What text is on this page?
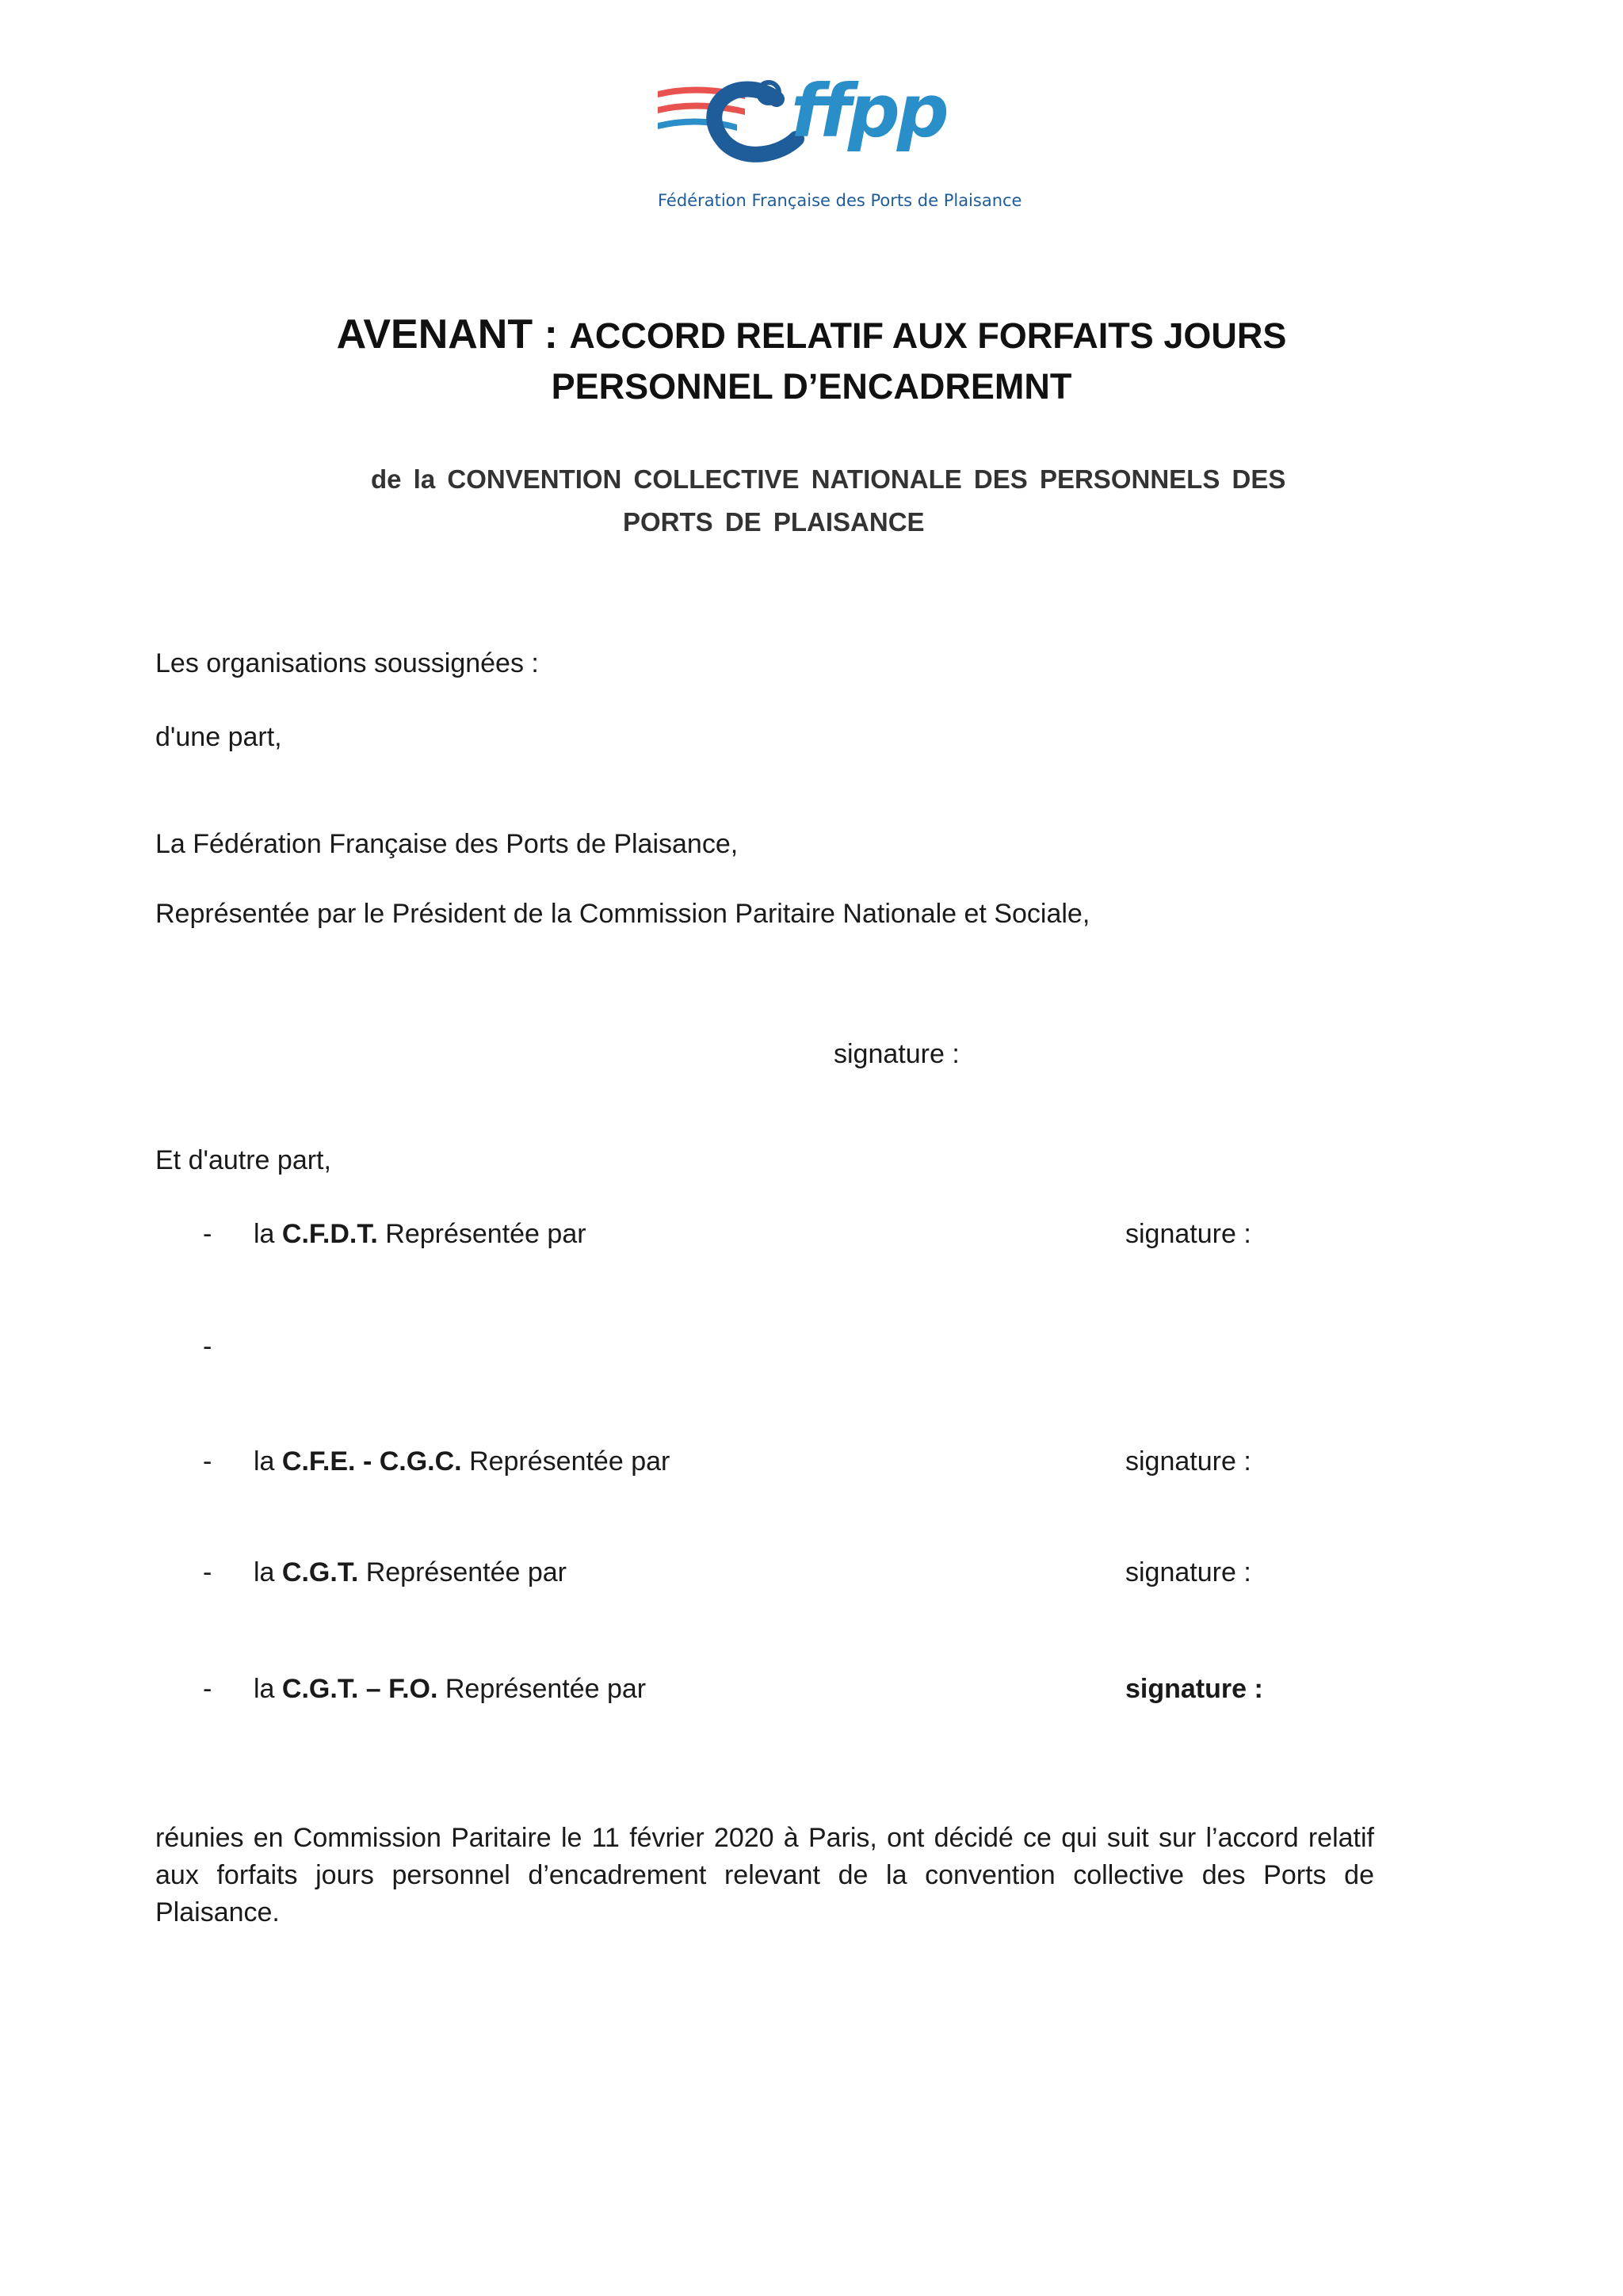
ffpp
Fédération Française des Ports de Plaisance
AVENANT : ACCORD RELATIF AUX FORFAITS JOURS
PERSONNEL D’ENCADREMNT
de la CONVENTION COLLECTIVE NATIONALE DES PERSONNELS DES
PORTS DE PLAISANCE
Les organisations soussignées :
d'une part,
La Fédération Française des Ports de Plaisance,
Représentée par le Président de la Commission Paritaire Nationale et Sociale,
signature :
Et d'autre part,
- la C.F.D.T. Représentée par	signature :
-
- la C.F.E. - C.G.C. Représentée par	signature :
- la C.G.T. Représentée par	signature :
- la C.G.T. – F.O. Représentée par	signature :
réunies en Commission Paritaire le 11 février 2020 à Paris, ont décidé ce qui suit sur l’accord relatif aux forfaits jours personnel d’encadrement relevant de la convention collective des Ports de Plaisance.
